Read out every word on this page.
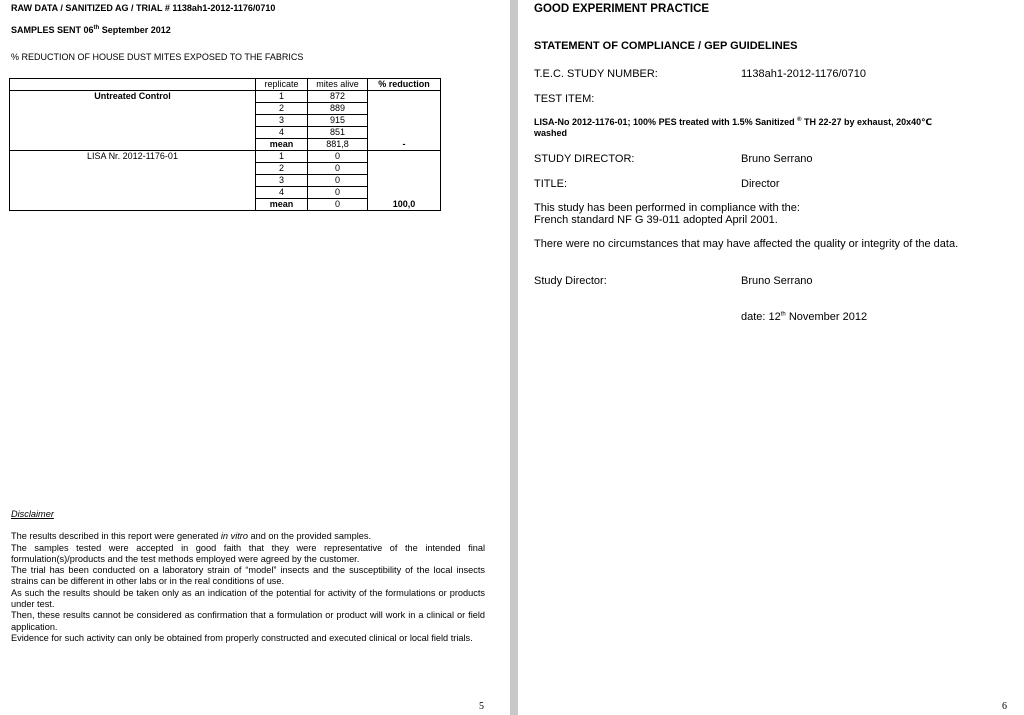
RAW DATA / SANITIZED AG / TRIAL # 1138ah1-2012-1176/0710
SAMPLES SENT 06th September 2012
% REDUCTION OF HOUSE DUST MITES EXPOSED TO THE FABRICS
	replicate	mites alive	% reduction
Untreated Control	1	872	
	2	889	
	3	915	
	4	851	
	mean	881,8	-
LISA Nr. 2012-1176-01	1	0	
	2	0	
	3	0	
	4	0	
	mean	0	100,0
Disclaimer

The results described in this report were generated in vitro and on the provided samples.

The samples tested were accepted in good faith that they were representative of the intended final formulation(s)/products and the test methods employed were agreed by the customer.

The trial has been conducted on a laboratory strain of “model” insects and the susceptibility of the local insects strains can be different in other labs or in the real conditions of use.

As such the results should be taken only as an indication of the potential for activity of the formulations or products under test.

Then, these results cannot be considered as confirmation that a formulation or product will work in a clinical or field application.

Evidence for such activity can only be obtained from properly constructed and executed clinical or local field trials.

5
GOOD EXPERIMENT PRACTICE
STATEMENT OF COMPLIANCE / GEP GUIDELINES
T.E.C. STUDY NUMBER:	1138ah1-2012-1176/0710
TEST ITEM:
LISA-No 2012-1176-01; 100% PES treated with 1.5% Sanitized ® TH 22-27 by exhaust, 20x40℃
washed
STUDY DIRECTOR:	Bruno Serrano
TITLE:	Director
This study has been performed in compliance with the:
French standard NF G 39-011 adopted April 2001.
There were no circumstances that may have affected the quality or integrity of the data.
Study Director:	Bruno Serrano
date: 12th November 2012
6
